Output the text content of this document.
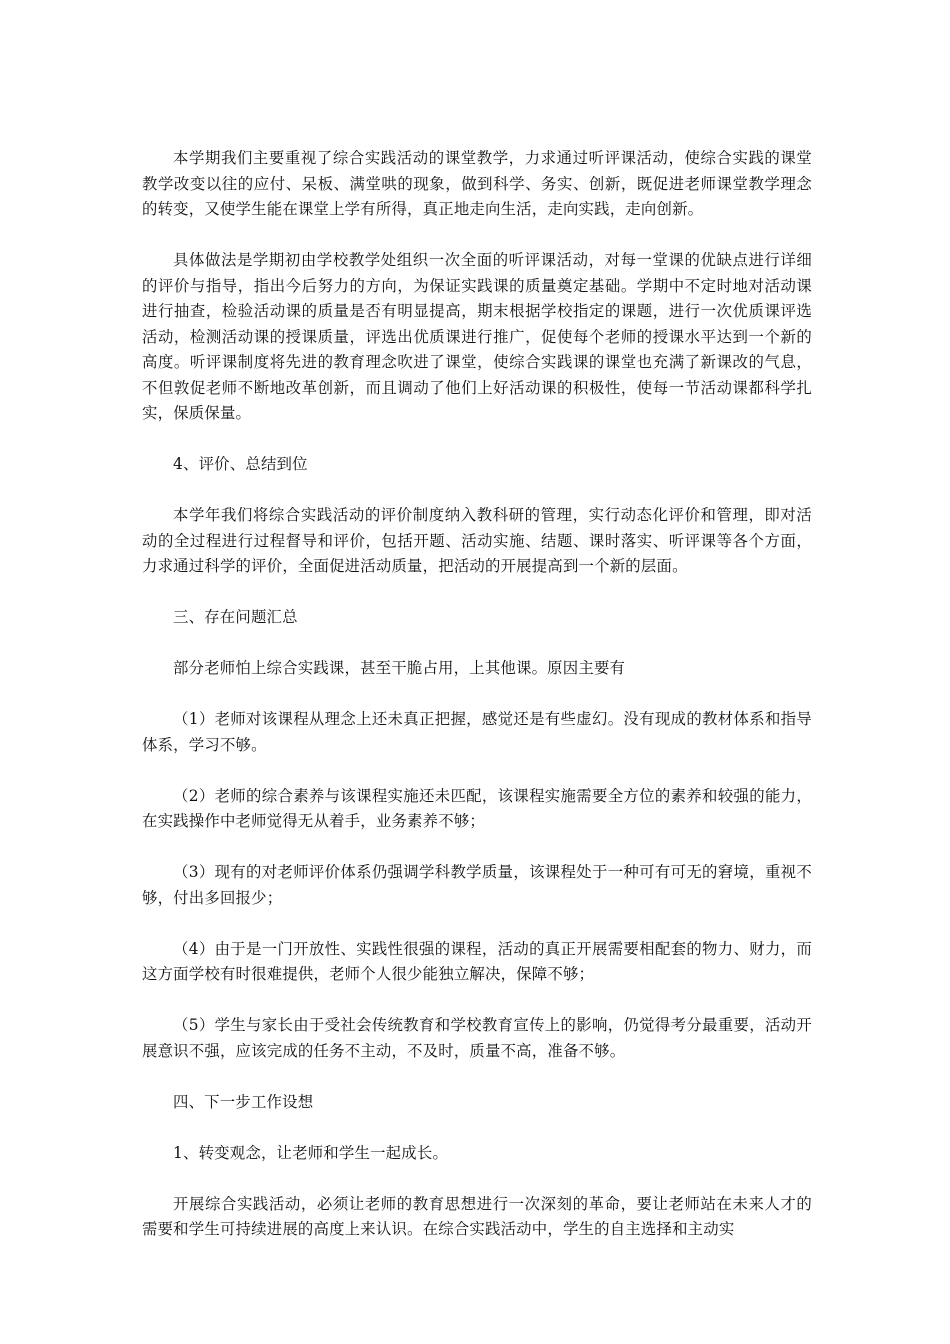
本学期我们主要重视了综合实践活动的课堂教学，力求通过听评课活动，使综合实践的课堂教学改变以往的应付、呆板、满堂哄的现象，做到科学、务实、创新，既促进老师课堂教学理念的转变，又使学生能在课堂上学有所得，真正地走向生活，走向实践，走向创新。

具体做法是学期初由学校教学处组织一次全面的听评课活动，对每一堂课的优缺点进行详细的评价与指导，指出今后努力的方向，为保证实践课的质量奠定基础。学期中不定时地对活动课进行抽查，检验活动课的质量是否有明显提高，期末根据学校指定的课题，进行一次优质课评选活动，检测活动课的授课质量，评选出优质课进行推广，促使每个老师的授课水平达到一个新的高度。听评课制度将先进的教育理念吹进了课堂，使综合实践课的课堂也充满了新课改的气息，不但敦促老师不断地改革创新，而且调动了他们上好活动课的积极性，使每一节活动课都科学扎实，保质保量。

4、评价、总结到位

本学年我们将综合实践活动的评价制度纳入教科研的管理，实行动态化评价和管理，即对活动的全过程进行过程督导和评价，包括开题、活动实施、结题、课时落实、听评课等各个方面，力求通过科学的评价，全面促进活动质量，把活动的开展提高到一个新的层面。

三、存在问题汇总

部分老师怕上综合实践课，甚至干脆占用，上其他课。原因主要有

（1）老师对该课程从理念上还未真正把握，感觉还是有些虚幻。没有现成的教材体系和指导体系，学习不够。

（2）老师的综合素养与该课程实施还未匹配，该课程实施需要全方位的素养和较强的能力，在实践操作中老师觉得无从着手，业务素养不够；

（3）现有的对老师评价体系仍强调学科教学质量，该课程处于一种可有可无的窘境，重视不够，付出多回报少；

（4）由于是一门开放性、实践性很强的课程，活动的真正开展需要相配套的物力、财力，而这方面学校有时很难提供，老师个人很少能独立解决，保障不够；

（5）学生与家长由于受社会传统教育和学校教育宣传上的影响，仍觉得考分最重要，活动开展意识不强，应该完成的任务不主动，不及时，质量不高，准备不够。

四、下一步工作设想

1、转变观念，让老师和学生一起成长。

开展综合实践活动，必须让老师的教育思想进行一次深刻的革命，要让老师站在未来人才的需要和学生可持续进展的高度上来认识。在综合实践活动中，学生的自主选择和主动实
